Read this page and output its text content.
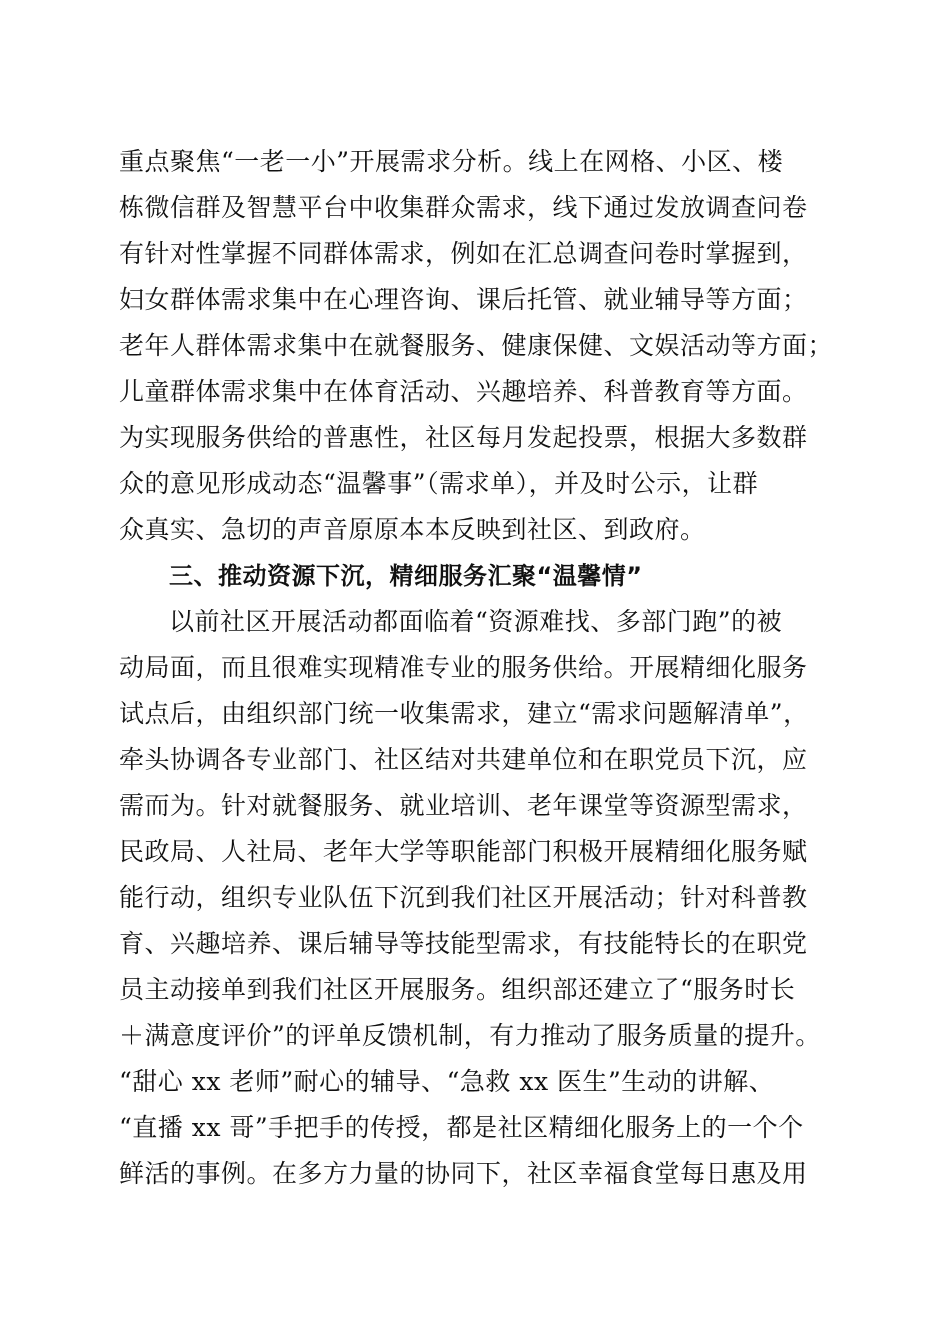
重点聚焦“一老一小”开展需求分析。线上在网格、小区、楼
栋微信群及智慧平台中收集群众需求，线下通过发放调查问卷
有针对性掌握不同群体需求，例如在汇总调查问卷时掌握到，
妇女群体需求集中在心理咨询、课后托管、就业辅导等方面；
老年人群体需求集中在就餐服务、健康保健、文娱活动等方面；
儿童群体需求集中在体育活动、兴趣培养、科普教育等方面。
为实现服务供给的普惠性，社区每月发起投票，根据大多数群
众的意见形成动态“温馨事”（需求单），并及时公示，让群
众真实、急切的声音原原本本反映到社区、到政府。
三、推动资源下沉，精细服务汇聚“温馨情”
以前社区开展活动都面临着“资源难找、多部门跑”的被
动局面，而且很难实现精准专业的服务供给。开展精细化服务
试点后，由组织部门统一收集需求，建立“需求问题解清单”，
牵头协调各专业部门、社区结对共建单位和在职党员下沉，应
需而为。针对就餐服务、就业培训、老年课堂等资源型需求，
民政局、人社局、老年大学等职能部门积极开展精细化服务赋
能行动，组织专业队伍下沉到我们社区开展活动；针对科普教
育、兴趣培养、课后辅导等技能型需求，有技能特长的在职党
员主动接单到我们社区开展服务。组织部还建立了“服务时长
＋满意度评价”的评单反馈机制，有力推动了服务质量的提升。
“甜心 xx 老师”耐心的辅导、“急救 xx 医生”生动的讲解、
“直播 xx 哥”手把手的传授，都是社区精细化服务上的一个个
鲜活的事例。在多方力量的协同下，社区幸福食堂每日惠及用
